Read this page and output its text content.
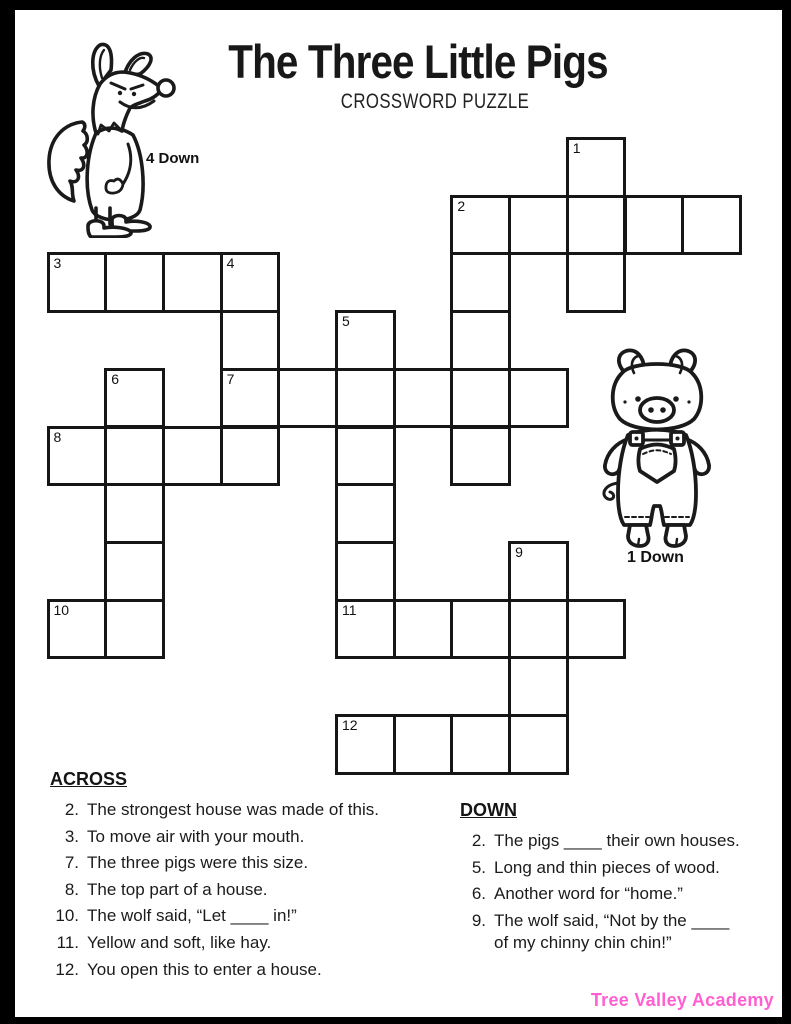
The Three Little Pigs
CROSSWORD PUZZLE
4 Down
1 Down
1
2
3	4
5
6	7
8
9
10	11
12
ACROSS
2. The strongest house was made of this.
3. To move air with your mouth.
7. The three pigs were this size.
8. The top part of a house.
10. The wolf said, “Let ____ in!”
11. Yellow and soft, like hay.
12. You open this to enter a house.
DOWN
2. The pigs ____ their own houses.
5. Long and thin pieces of wood.
6. Another word for “home.”
9. The wolf said, “Not by the ____ of my chinny chin chin!”
Tree Valley Academy
